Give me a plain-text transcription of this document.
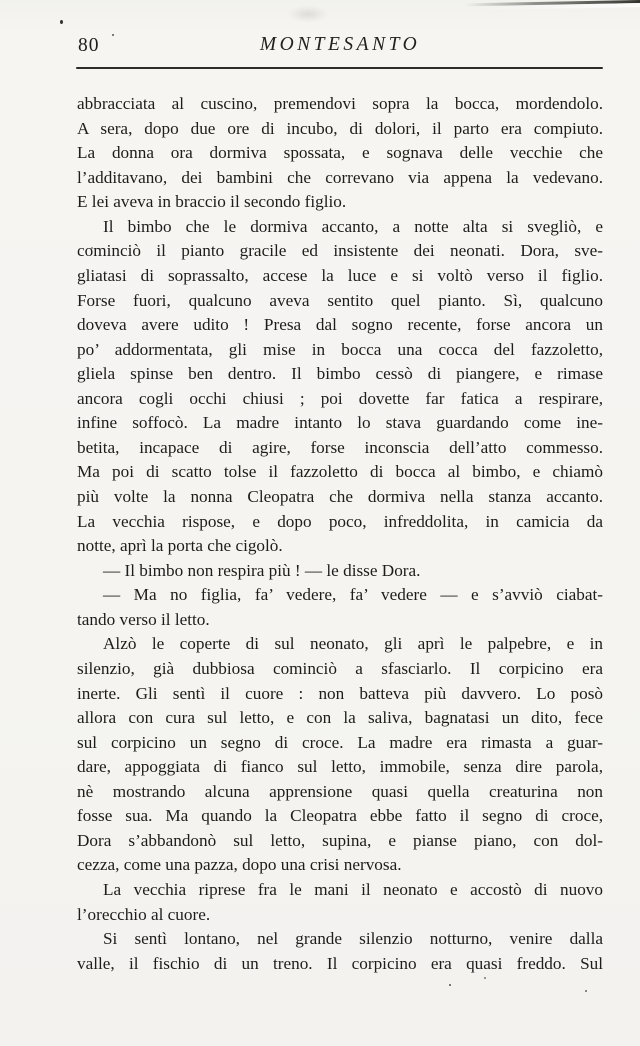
80	MONTESANTO
abbracciata al cuscino, premendovi sopra la bocca, mordendolo.
A sera, dopo due ore di incubo, di dolori, il parto era compiuto.
La donna ora dormiva spossata, e sognava delle vecchie che
l’additavano, dei bambini che correvano via appena la vedevano.
E lei aveva in braccio il secondo figlio.
Il bimbo che le dormiva accanto, a notte alta si svegliò, e
cominciò il pianto gracile ed insistente dei neonati. Dora, sve-
gliatasi di soprassalto, accese la luce e si voltò verso il figlio.
Forse fuori, qualcuno aveva sentito quel pianto. Sì, qualcuno
doveva avere udito ! Presa dal sogno recente, forse ancora un
po’ addormentata, gli mise in bocca una cocca del fazzoletto,
gliela spinse ben dentro. Il bimbo cessò di piangere, e rimase
ancora cogli occhi chiusi ; poi dovette far fatica a respirare,
infine soffocò. La madre intanto lo stava guardando come ine-
betita, incapace di agire, forse inconscia dell’atto commesso.
Ma poi di scatto tolse il fazzoletto di bocca al bimbo, e chiamò
più volte la nonna Cleopatra che dormiva nella stanza accanto.
La vecchia rispose, e dopo poco, infreddolita, in camicia da
notte, aprì la porta che cigolò.
— Il bimbo non respira più ! — le disse Dora.
— Ma no figlia, fa’ vedere, fa’ vedere — e s’avviò ciabat-
tando verso il letto.
Alzò le coperte di sul neonato, gli aprì le palpebre, e in
silenzio, già dubbiosa cominciò a sfasciarlo. Il corpicino era
inerte. Gli sentì il cuore : non batteva più davvero. Lo posò
allora con cura sul letto, e con la saliva, bagnatasi un dito, fece
sul corpicino un segno di croce. La madre era rimasta a guar-
dare, appoggiata di fianco sul letto, immobile, senza dire parola,
nè mostrando alcuna apprensione quasi quella creaturina non
fosse sua. Ma quando la Cleopatra ebbe fatto il segno di croce,
Dora s’abbandonò sul letto, supina, e pianse piano, con dol-
cezza, come una pazza, dopo una crisi nervosa.
La vecchia riprese fra le mani il neonato e accostò di nuovo
l’orecchio al cuore.
Si sentì lontano, nel grande silenzio notturno, venire dalla
valle, il fischio di un treno. Il corpicino era quasi freddo. Sul
